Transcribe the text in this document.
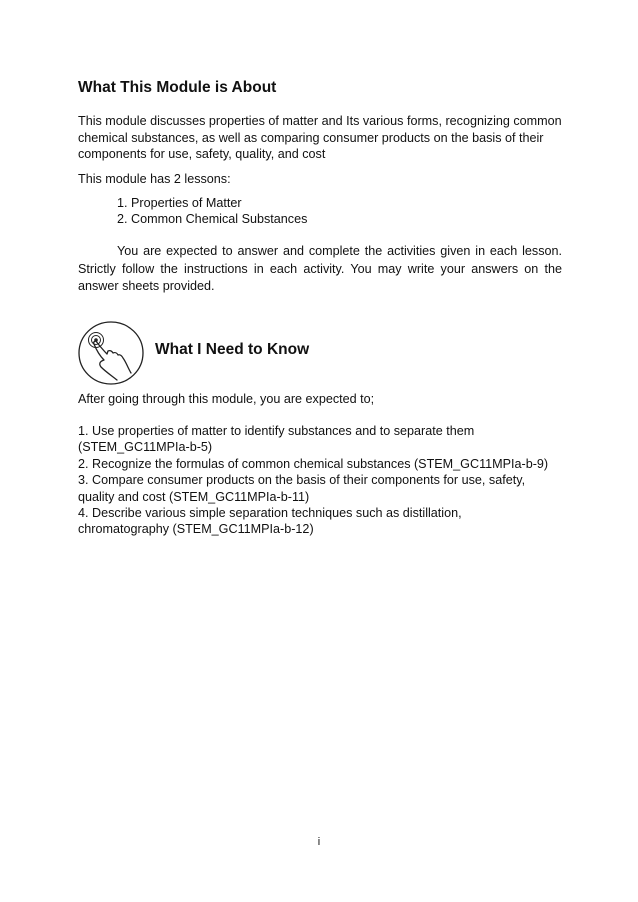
What This Module is About

This module discusses properties of matter and Its various forms, recognizing common chemical substances, as well as comparing consumer products on the basis of their components for use, safety, quality, and cost

This module has 2 lessons:

1. Properties of Matter
2. Common Chemical Substances

You are expected to answer and complete the activities given in each lesson. Strictly follow the instructions in each activity. You may write your answers on the answer sheets provided.

What I Need to Know

After going through this module, you are expected to;

1. Use properties of matter to identify substances and to separate them
(STEM_GC11MPIa-b-5)
2. Recognize the formulas of common chemical substances (STEM_GC11MPIa-b-9)
3. Compare consumer products on the basis of their components for use, safety,
quality and cost (STEM_GC11MPIa-b-11)
4. Describe various simple separation techniques such as distillation,
chromatography (STEM_GC11MPIa-b-12)

i
